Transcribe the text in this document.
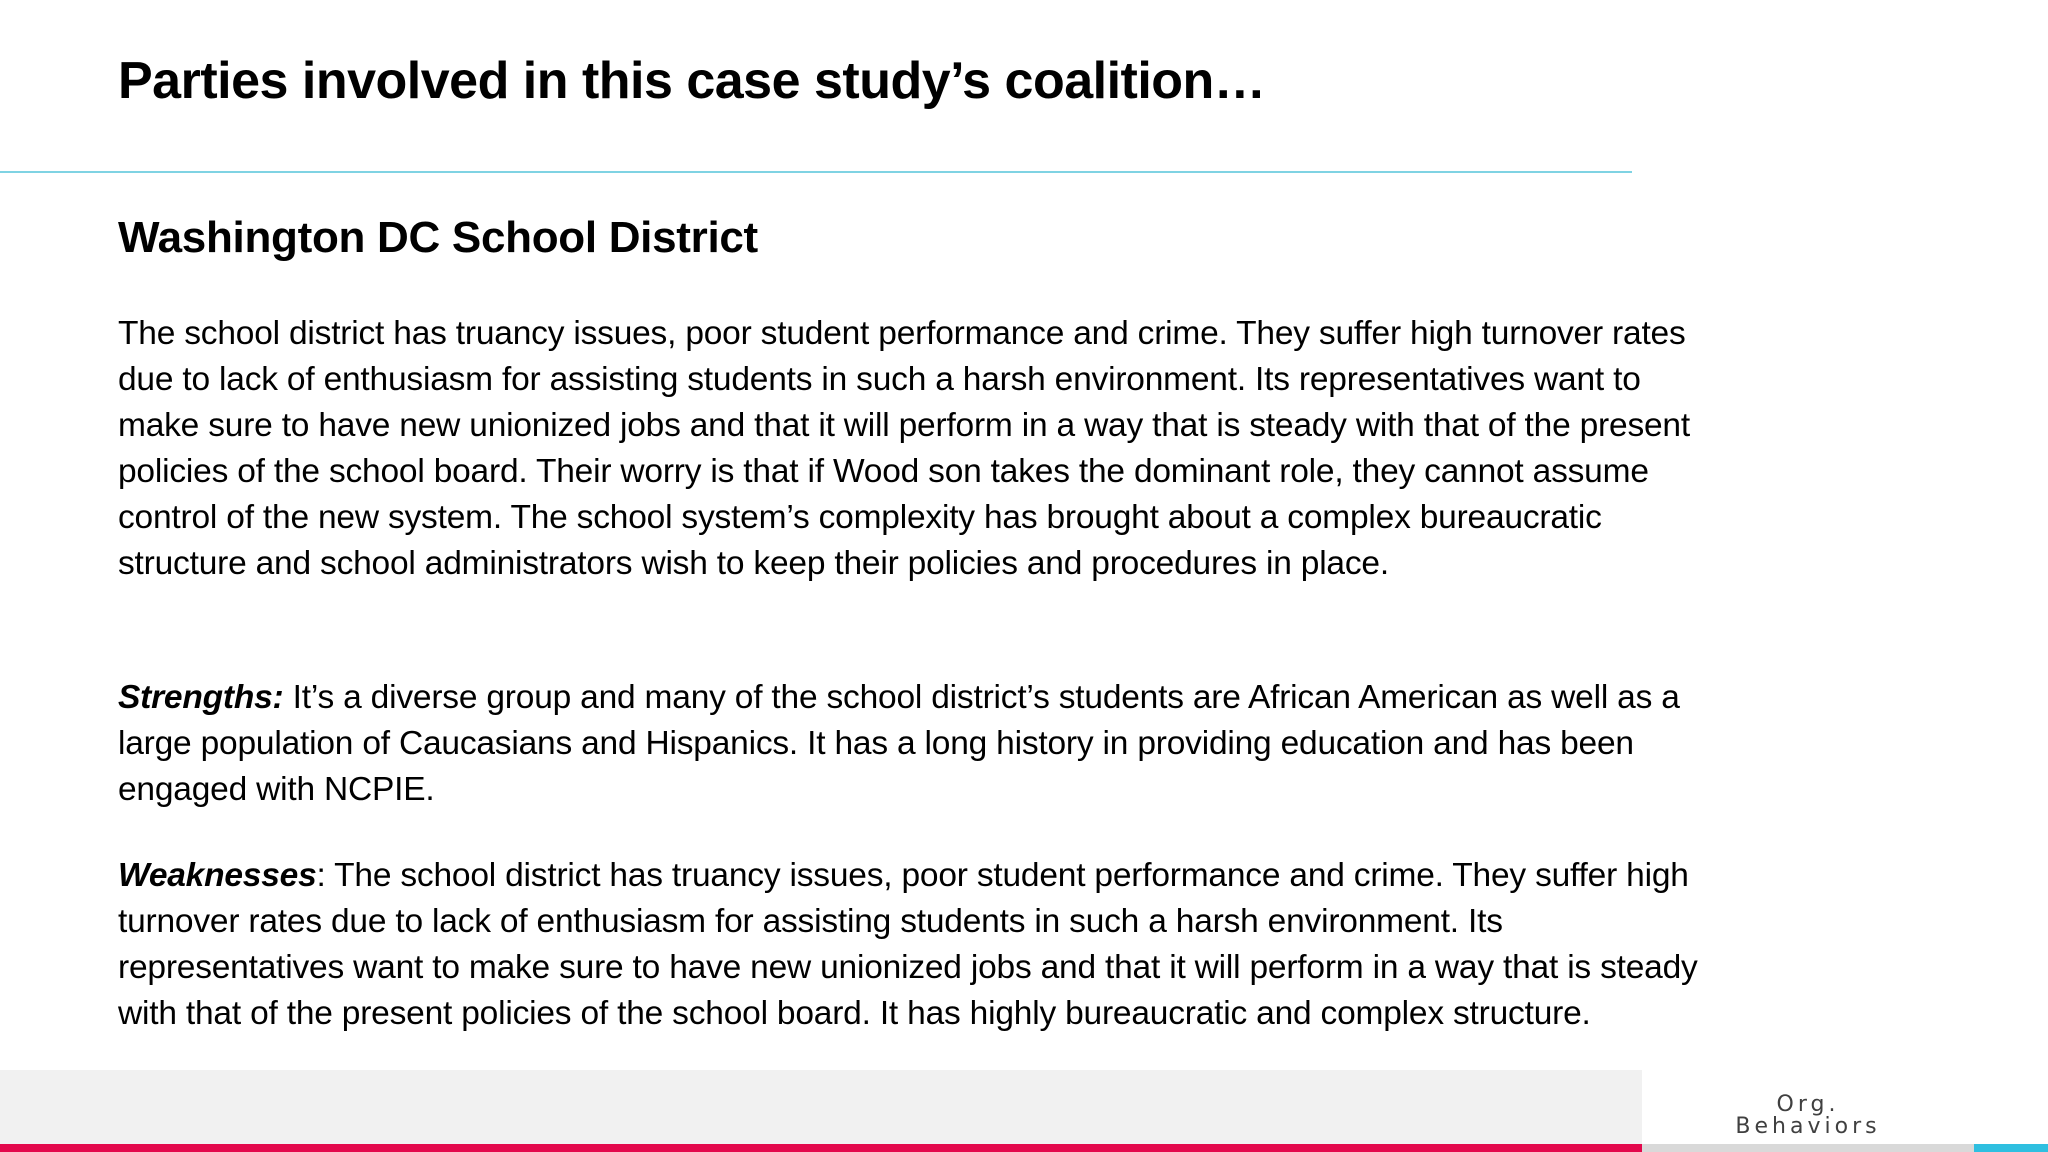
Parties involved in this case study’s coalition…
Washington DC School District

The school district has truancy issues, poor student performance and crime. They suffer high turnover rates due to lack of enthusiasm for assisting students in such a harsh environment. Its representatives want to make sure to have new unionized jobs and that it will perform in a way that is steady with that of the present policies of the school board. Their worry is that if Wood son takes the dominant role, they cannot assume control of the new system. The school system’s complexity has brought about a complex bureaucratic structure and school administrators wish to keep their policies and procedures in place.

Strengths: It’s a diverse group and many of the school district’s students are African American as well as a large population of Caucasians and Hispanics. It has a long history in providing education and has been engaged with NCPIE.

Weaknesses: The school district has truancy issues, poor student performance and crime. They suffer high turnover rates due to lack of enthusiasm for assisting students in such a harsh environment. Its representatives want to make sure to have new unionized jobs and that it will perform in a way that is steady with that of the present policies of the school board. It has highly bureaucratic and complex structure.

Org.
Behaviors
